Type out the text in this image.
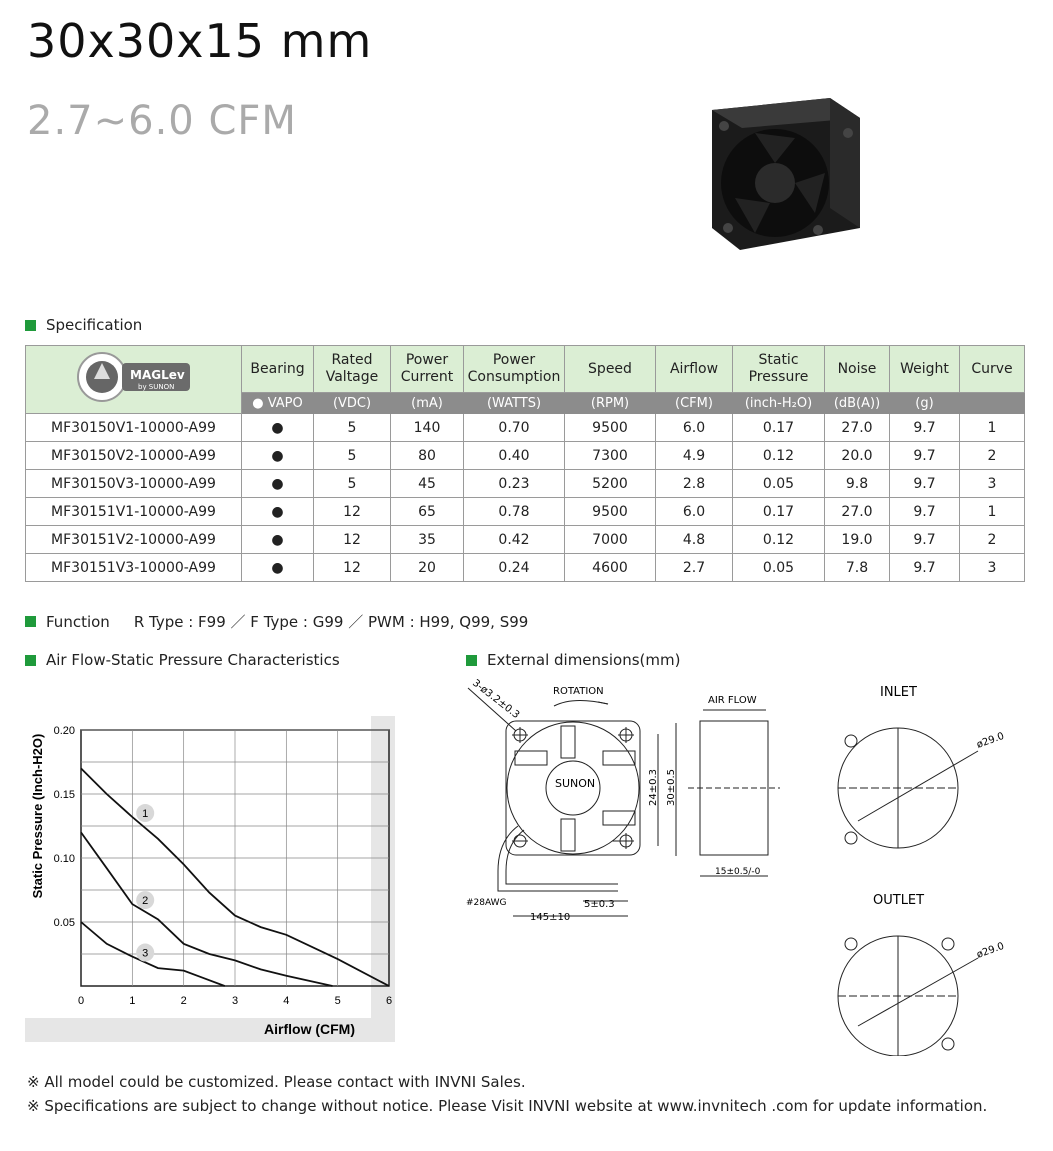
30x30x15 mm
2.7~6.0 CFM
Specification
MAGLev
by SUNON	Bearing	Rated Valtage	Power Current	Power Consumption	Speed	Airflow	Static Pressure	Noise	Weight	Curve
	● VAPO	(VDC)	(mA)	(WATTS)	(RPM)	(CFM)	(inch-H₂O)	(dB(A))	(g)	
MF30150V1-10000-A99	●	5	140	0.70	9500	6.0	0.17	27.0	9.7	1
MF30150V2-10000-A99	●	5	80	0.40	7300	4.9	0.12	20.0	9.7	2
MF30150V3-10000-A99	●	5	45	0.23	5200	2.8	0.05	9.8	9.7	3
MF30151V1-10000-A99	●	12	65	0.78	9500	6.0	0.17	27.0	9.7	1
MF30151V2-10000-A99	●	12	35	0.42	7000	4.8	0.12	19.0	9.7	2
MF30151V3-10000-A99	●	12	20	0.24	4600	2.7	0.05	7.8	9.7	3
Function R Type : F99 ／ F Type : G99 ／ PWM : H99, Q99, S99
Air Flow-Static Pressure Characteristics	External dimensions(mm)
1
2
3
0	1	2	3	4	5	6
0.20
0.15
0.10
0.05
Airflow (CFM)
Static Pressure (Inch-H2O)	SUNON
ROTATION
3-ø3.2±0.3
24±0.3 30±0.5
AIR FLOW
15±0.5/-0
#28AWG	5±0.3
145±10
INLET
OUTLET
ø29.0
ø29.0
※ All model could be customized. Please contact with INVNI Sales.
※ Specifications are subject to change without notice. Please Visit INVNI website at www.invnitech .com for update information.
